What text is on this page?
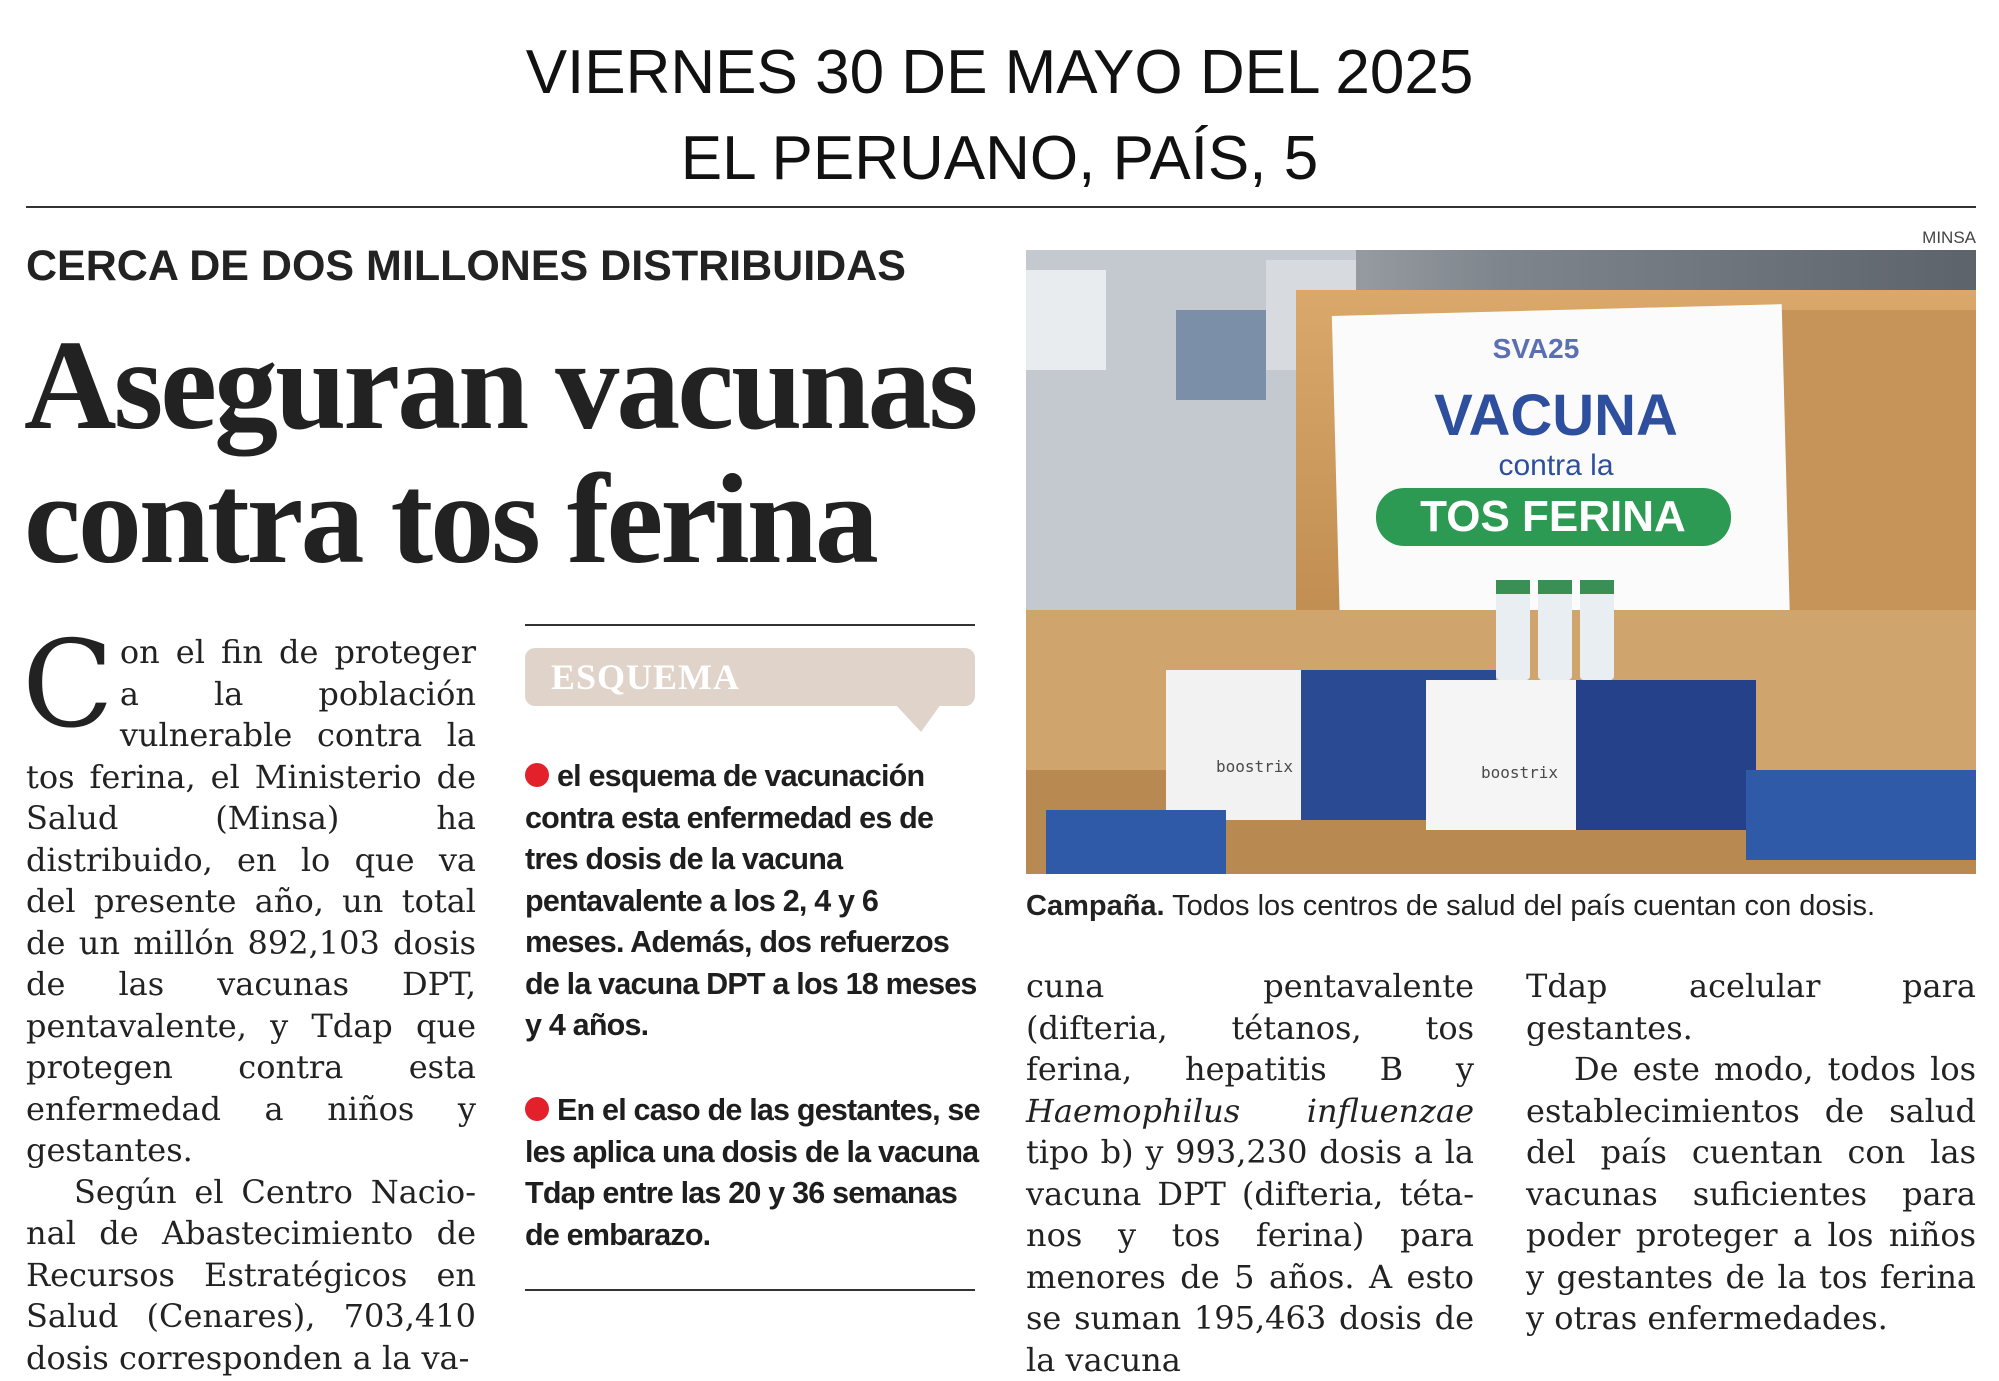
VIERNES 30 DE MAYO DEL 2025
EL PERUANO, PAÍS, 5
CERCA DE DOS MILLONES DISTRIBUIDAS
Aseguran vacunas
contra tos ferina

Con el fin de proteger a la población vulnerable contra la tos ferina, el Ministerio de Salud (Minsa) ha distribuido, en lo que va del presente año, un total de un millón 892,103 dosis de las vacunas DPT, pentavalente, y Tdap que protegen contra esta enfermedad a niños y gestantes.

Según el Centro Nacional de Abastecimiento de Recursos Estratégicos en Salud (Cenares), 703,410 dosis corresponden a la va-

ESQUEMA
el esquema de vacunación contra esta enfermedad es de tres dosis de la vacuna pentavalente a los 2, 4 y 6 meses. Además, dos refuerzos de la vacuna DPT a los 18 meses y 4 años.
En el caso de las gestantes, se les aplica una dosis de la vacuna Tdap entre las 20 y 36 semanas de embarazo.
MINSA
SVA25
VACUNA
contra la
TOS FERINA
boostrix	boostrix
Campaña. Todos los centros de salud del país cuentan con dosis.

cuna pentavalente (difteria, tétanos, tos ferina, hepatitis B y Haemophilus influenzae tipo b) y 993,230 dosis a la vacuna DPT (difteria, tétanos y tos ferina) para menores de 5 años. A esto se suman 195,463 dosis de la vacuna

Tdap acelular para gestantes.

De este modo, todos los establecimientos de salud del país cuentan con las vacunas suficientes para poder proteger a los niños y gestantes de la tos ferina y otras enfermedades.
